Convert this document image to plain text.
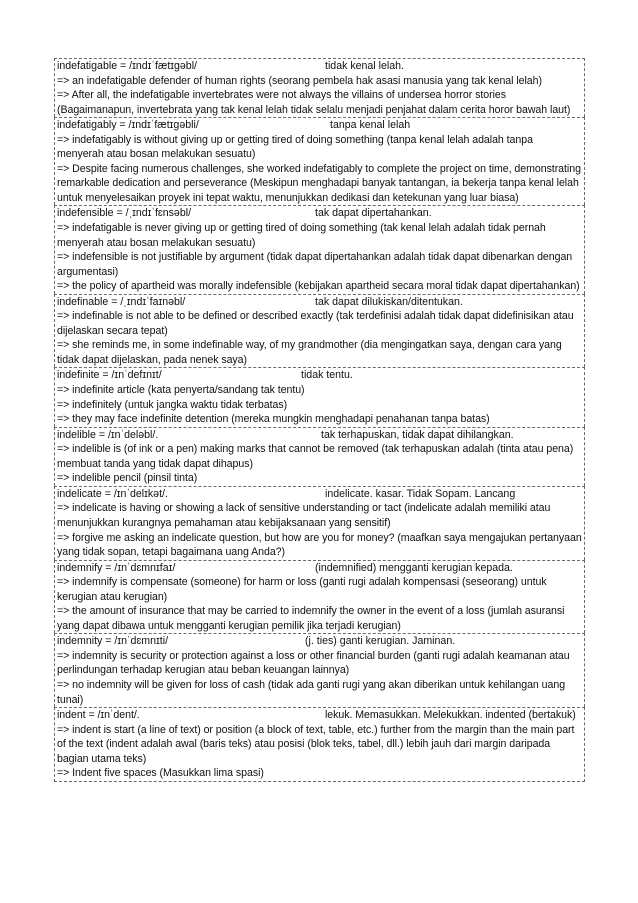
indefatigable = /ɪndɪˈfætɪgəbl/	tidak kenal lelah.
=> an indefatigable defender of human rights (seorang pembela hak asasi manusia yang tak kenal lelah)
=> After all, the indefatigable invertebrates were not always the villains of undersea horror stories (Bagaimanapun, invertebrata yang tak kenal lelah tidak selalu menjadi penjahat dalam cerita horor bawah laut)
indefatigably = /ɪndɪˈfætɪgəbli/	tanpa kenal lelah
=> indefatigably is without giving up or getting tired of doing something (tanpa kenal lelah adalah tanpa menyerah atau bosan melakukan sesuatu)
=> Despite facing numerous challenges, she worked indefatigably to complete the project on time, demonstrating remarkable dedication and perseverance (Meskipun menghadapi banyak tantangan, ia bekerja tanpa kenal lelah untuk menyelesaikan proyek ini tepat waktu, menunjukkan dedikasi dan ketekunan yang luar biasa)
indefensible = /ˌɪndɪˈfɛnsəbl/	tak dapat dipertahankan.
=> indefatigable is never giving up or getting tired of doing something (tak kenal lelah adalah tidak pernah menyerah atau bosan melakukan sesuatu)
=> indefensible is not justifiable by argument (tidak dapat dipertahankan adalah tidak dapat dibenarkan dengan argumentasi)
=> the policy of apartheid was morally indefensible (kebijakan apartheid secara moral tidak dapat dipertahankan)
indefinable = /ˌɪndɪˈfaɪnəbl/	tak dapat dilukiskan/ditentukan.
=> indefinable is not able to be defined or described exactly (tak terdefinisi adalah tidak dapat didefinisikan atau dijelaskan secara tepat)
=> she reminds me, in some indefinable way, of my grandmother (dia mengingatkan saya, dengan cara yang tidak dapat dijelaskan, pada nenek saya)
indefinite = /ɪnˈdefɪnɪt/	tidak tentu.
=> indefinite article (kata penyerta/sandang tak tentu)
=> indefinitely (untuk jangka waktu tidak terbatas)
=> they may face indefinite detention (mereka mungkin menghadapi penahanan tanpa batas)
indelible = /ɪnˈdeləbl/.	tak terhapuskan, tidak dapat dihilangkan.
=> indelible is (of ink or a pen) making marks that cannot be removed (tak terhapuskan adalah (tinta atau pena) membuat tanda yang tidak dapat dihapus)
=> indelible pencil (pinsil tinta)
indelicate = /ɪnˈdelɪkət/.	indelicate. kasar. Tidak Sopam. Lancang
=> indelicate is having or showing a lack of sensitive understanding or tact (indelicate adalah memiliki atau menunjukkan kurangnya pemahaman atau kebijaksanaan yang sensitif)
=> forgive me asking an indelicate question, but how are you for money? (maafkan saya mengajukan pertanyaan yang tidak sopan, tetapi bagaimana uang Anda?)
indemnify = /ɪnˈdɛmnɪfaɪ/	(indemnified) mengganti kerugian kepada.
=> indemnify is compensate (someone) for harm or loss (ganti rugi adalah kompensasi (seseorang) untuk kerugian atau kerugian)
=> the amount of insurance that may be carried to indemnify the owner in the event of a loss (jumlah asuransi yang dapat dibawa untuk mengganti kerugian pemilik jika terjadi kerugian)
indemnity = /ɪnˈdɛmnɪti/	(j. ties) ganti kerugian. Jaminan.
=> indemnity is security or protection against a loss or other financial burden (ganti rugi adalah keamanan atau perlindungan terhadap kerugian atau beban keuangan lainnya)
=> no indemnity will be given for loss of cash (tidak ada ganti rugi yang akan diberikan untuk kehilangan uang tunai)
indent = /ɪnˈdent/.	lekuk. Memasukkan. Melekukkan. indented (bertakuk)
=> indent is start (a line of text) or position (a block of text, table, etc.) further from the margin than the main part of the text (indent adalah awal (baris teks) atau posisi (blok teks, tabel, dll.) lebih jauh dari margin daripada bagian utama teks)
=> Indent five spaces (Masukkan lima spasi)
